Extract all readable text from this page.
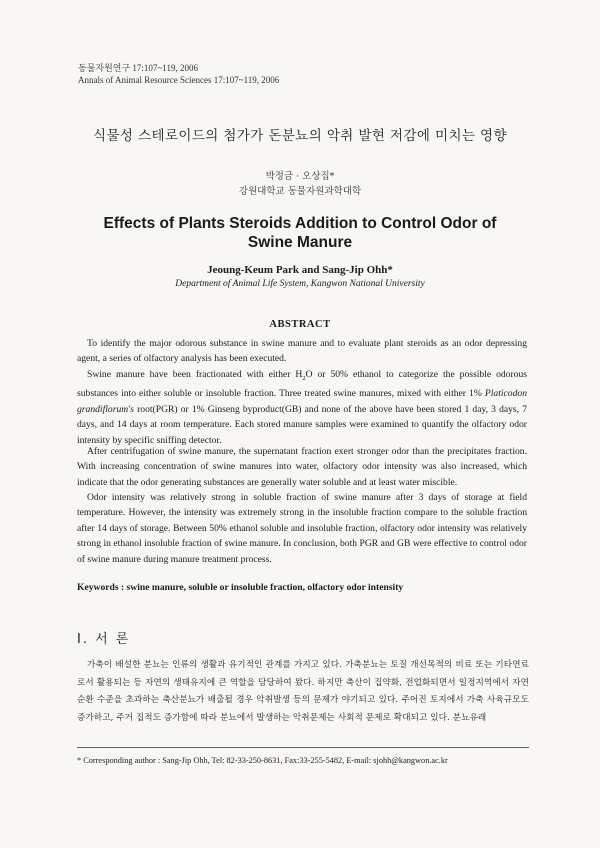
동물자원연구 17:107~119, 2006
Annals of Animal Resource Sciences 17:107~119, 2006
식물성 스테로이드의 첨가가 돈분뇨의 악취 발현 저감에 미치는 영향
박정금 · 오상집*
강원대학교 동물자원과학대학
Effects of Plants Steroids Addition to Control Odor of
Swine Manure
Jeoung-Keum Park and Sang-Jip Ohh*
Department of Animal Life System, Kangwon National University
ABSTRACT

To identify the major odorous substance in swine manure and to evaluate plant steroids as an odor depressing agent, a series of olfactory analysis has been executed.

Swine manure have been fractionated with either $H_2O$ or 50% ethanol to categorize the possible odorous substances into either soluble or insoluble fraction. Three treated swine manures, mixed with either 1% Platicodon grandiflorum's root(PGR) or 1% Ginseng byproduct(GB) and none of the above have been stored 1 day, 3 days, 7 days, and 14 days at room temperature. Each stored manure samples were examined to quantify the olfactory odor intensity by specific sniffing detector.

After centrifugation of swine manure, the supernatant fraction exert stronger odor than the precipitates fraction. With increasing concentration of swine manures into water, olfactory odor intensity was also increased, which indicate that the odor generating substances are generally water soluble and at least water miscible.

Odor intensity was relatively strong in soluble fraction of swine manure after 3 days of storage at field temperature. However, the intensity was extremely strong in the insoluble fraction compare to the soluble fraction after 14 days of storage. Between 50% ethanol soluble and insoluble fraction, olfactory odor intensity was relatively strong in ethanol insoluble fraction of swine manure. In conclusion, both PGR and GB were effective to control odor of swine manure during manure treatment process.

Keywords : swine manure, soluble or insoluble fraction, olfactory odor intensity
Ⅰ. 서 론

가축이 배설한 분뇨는 인류의 생활과 유기적인 관계를 가지고 있다. 가축분뇨는 토질 개선목적의 비료 또는 기타연료로서 활용되는 등 자연의 생태유지에 큰 역할을 담당하여 왔다. 하지만 축산이 집약화, 전업화되면서 일정지역에서 자연순환 수준을 초과하는 축산분뇨가 배출될 경우 악취발생 등의 문제가 야기되고 있다. 주어진 토지에서 가축 사육규모도 증가하고, 주거 집적도 증가함에 따라 분뇨에서 발생하는 악취문제는 사회적 문제로 확대되고 있다. 분뇨유래

* Corresponding author : Sang-Jip Ohh, Tel: 82-33-250-8631, Fax:33-255-5482, E-mail: sjohh@kangwon.ac.kr
